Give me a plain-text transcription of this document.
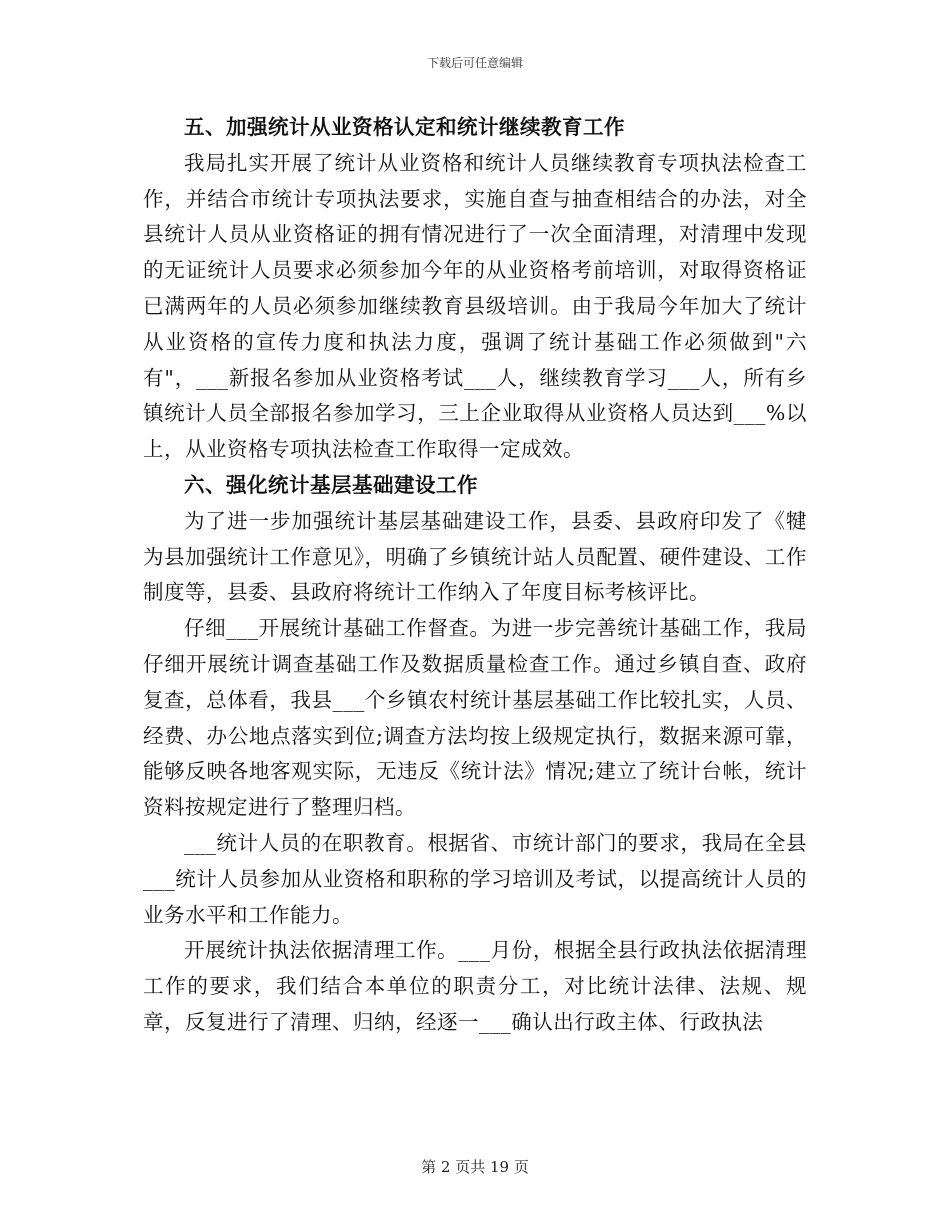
下载后可任意编辑
五、加强统计从业资格认定和统计继续教育工作

我局扎实开展了统计从业资格和统计人员继续教育专项执法检查工作，并结合市统计专项执法要求，实施自查与抽查相结合的办法，对全县统计人员从业资格证的拥有情况进行了一次全面清理，对清理中发现的无证统计人员要求必须参加今年的从业资格考前培训，对取得资格证已满两年的人员必须参加继续教育县级培训。由于我局今年加大了统计从业资格的宣传力度和执法力度，强调了统计基础工作必须做到"六有"，___新报名参加从业资格考试___人，继续教育学习___人，所有乡镇统计人员全部报名参加学习，三上企业取得从业资格人员达到___%以上，从业资格专项执法检查工作取得一定成效。

六、强化统计基层基础建设工作

为了进一步加强统计基层基础建设工作，县委、县政府印发了《犍为县加强统计工作意见》，明确了乡镇统计站人员配置、硬件建设、工作制度等，县委、县政府将统计工作纳入了年度目标考核评比。

仔细___开展统计基础工作督查。为进一步完善统计基础工作，我局仔细开展统计调查基础工作及数据质量检查工作。通过乡镇自查、政府复查，总体看，我县___个乡镇农村统计基层基础工作比较扎实，人员、经费、办公地点落实到位;调查方法均按上级规定执行，数据来源可靠，能够反映各地客观实际，无违反《统计法》情况;建立了统计台帐，统计资料按规定进行了整理归档。

___统计人员的在职教育。根据省、市统计部门的要求，我局在全县___统计人员参加从业资格和职称的学习培训及考试，以提高统计人员的业务水平和工作能力。

开展统计执法依据清理工作。___月份，根据全县行政执法依据清理工作的要求，我们结合本单位的职责分工，对比统计法律、法规、规章，反复进行了清理、归纳，经逐一___确认出行政主体、行政执法

第 2 页共 19 页
